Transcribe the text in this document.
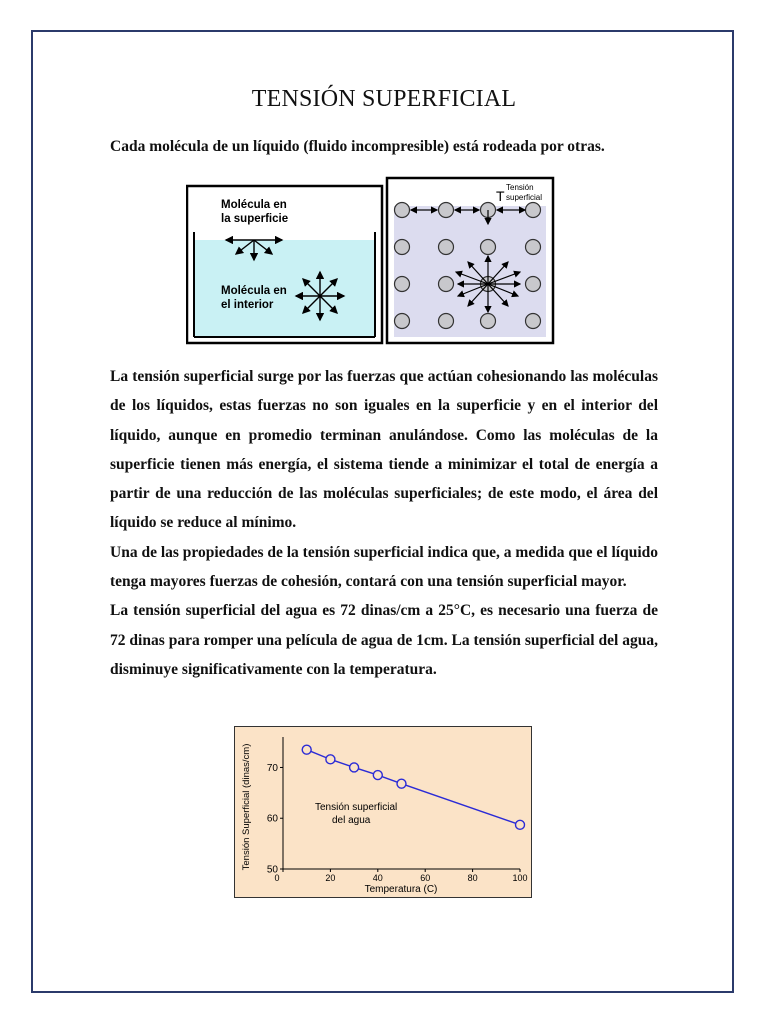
TENSIÓN SUPERFICIAL
Cada molécula de un líquido (fluido incompresible) está rodeada por otras.
Molécula en
la superficie
Molécula en
el interior
Tensión
superficial
T

La tensión superficial surge por las fuerzas que actúan cohesionando las moléculas de los líquidos, estas fuerzas no son iguales en la superficie y en el interior del líquido, aunque en promedio terminan anulándose. Como las moléculas de la superficie tienen más energía, el sistema tiende a minimizar el total de energía a partir de una reducción de las moléculas superficiales; de este modo, el área del líquido se reduce al mínimo.

Una de las propiedades de la tensión superficial indica que, a medida que el líquido tenga mayores fuerzas de cohesión, contará con una tensión superficial mayor.

La tensión superficial del agua es 72 dinas/cm a 25°C, es necesario una fuerza de 72 dinas para romper una película de agua de 1cm. La tensión superficial del agua, disminuye significativamente con la temperatura.

50
60
70
0	20	40	60	80	100
Tensión superficial
del agua
Temperatura (C)
Tensión Superficial (dinas/cm)
